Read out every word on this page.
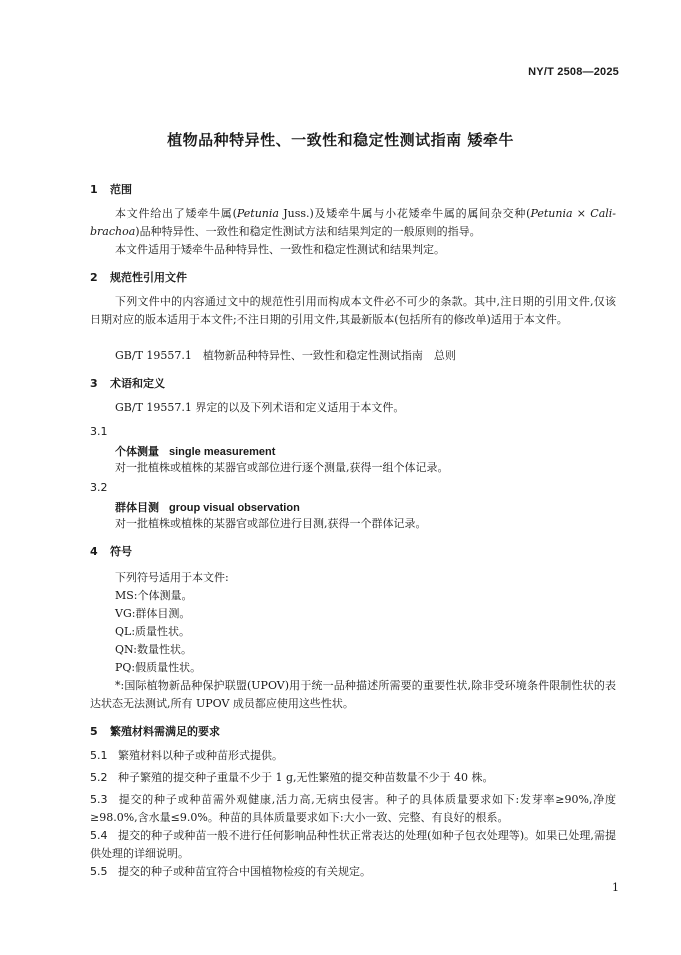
NY/T 2508—2025
植物品种特异性、一致性和稳定性测试指南 矮牵牛
1 范围
本文件给出了矮牵牛属(Petunia Juss.)及矮牵牛属与小花矮牵牛属的属间杂交种(Petunia × Cali-brachoa)品种特异性、一致性和稳定性测试方法和结果判定的一般原则的指导。
本文件适用于矮牵牛品种特异性、一致性和稳定性测试和结果判定。
2 规范性引用文件
下列文件中的内容通过文中的规范性引用而构成本文件必不可少的条款。其中,注日期的引用文件,仅该日期对应的版本适用于本文件;不注日期的引用文件,其最新版本(包括所有的修改单)适用于本文件。
GB/T 19557.1　植物新品种特异性、一致性和稳定性测试指南　总则
3 术语和定义
GB/T 19557.1 界定的以及下列术语和定义适用于本文件。
3.1
个体测量 single measurement
对一批植株或植株的某器官或部位进行逐个测量,获得一组个体记录。
3.2
群体目测 group visual observation
对一批植株或植株的某器官或部位进行目测,获得一个群体记录。
4 符号
下列符号适用于本文件:
MS:个体测量。
VG:群体目测。
QL:质量性状。
QN:数量性状。
PQ:假质量性状。
*:国际植物新品种保护联盟(UPOV)用于统一品种描述所需要的重要性状,除非受环境条件限制性状的表达状态无法测试,所有 UPOV 成员都应使用这些性状。
5 繁殖材料需满足的要求
5.1 繁殖材料以种子或种苗形式提供。
5.2 种子繁殖的提交种子重量不少于 1 g,无性繁殖的提交种苗数量不少于 40 株。
5.3 提交的种子或种苗需外观健康,活力高,无病虫侵害。种子的具体质量要求如下:发芽率≥90%,净度≥98.0%,含水量≤9.0%。种苗的具体质量要求如下:大小一致、完整、有良好的根系。
5.4 提交的种子或种苗一般不进行任何影响品种性状正常表达的处理(如种子包衣处理等)。如果已处理,需提供处理的详细说明。
5.5 提交的种子或种苗宜符合中国植物检疫的有关规定。
1
